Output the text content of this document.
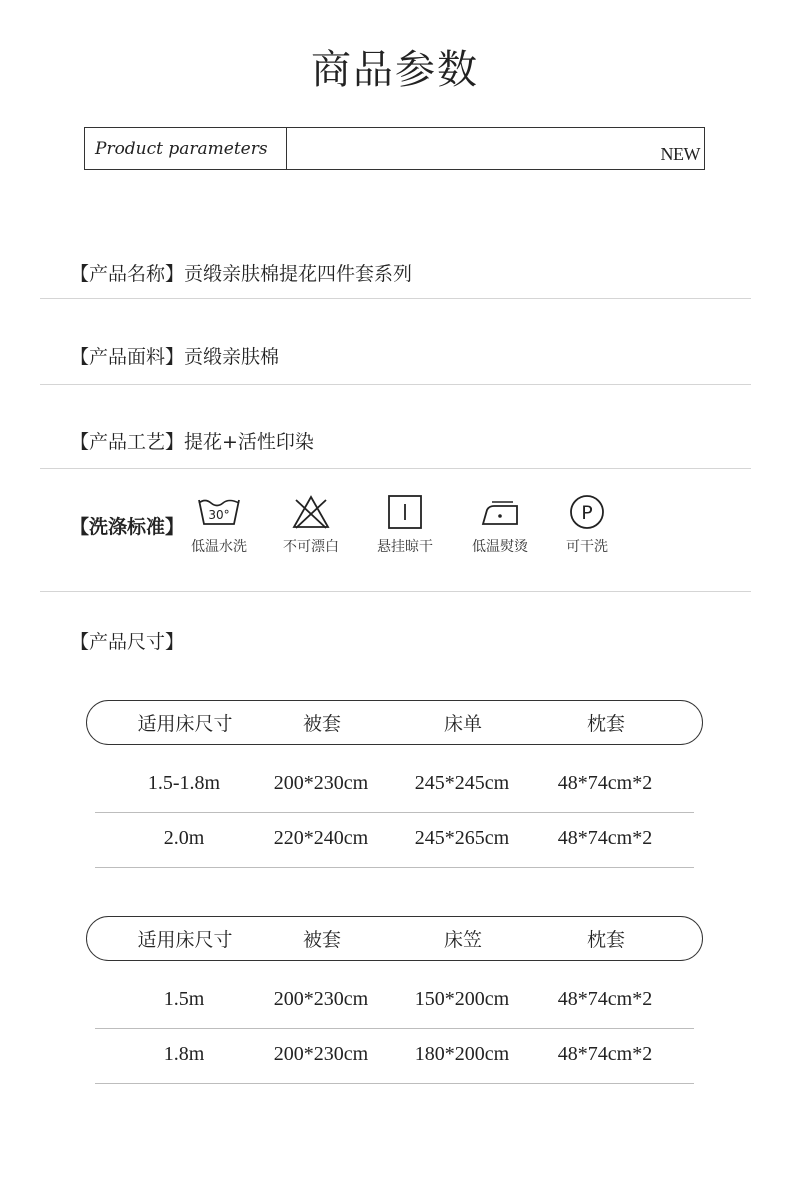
商品参数
Product parameters	NEW
【产品名称】贡缎亲肤棉提花四件套系列
【产品面料】贡缎亲肤棉
【产品工艺】提花+活性印染
【洗涤标准】
30°
低温水洗	不可漂白	悬挂晾干	低温熨烫
P
可干洗
【产品尺寸】
适用床尺寸	被套	床单	枕套
1.5-1.8m	200*230cm	245*245cm	48*74cm*2
2.0m	220*240cm	245*265cm	48*74cm*2
适用床尺寸	被套	床笠	枕套
1.5m	200*230cm	150*200cm	48*74cm*2
1.8m	200*230cm	180*200cm	48*74cm*2
